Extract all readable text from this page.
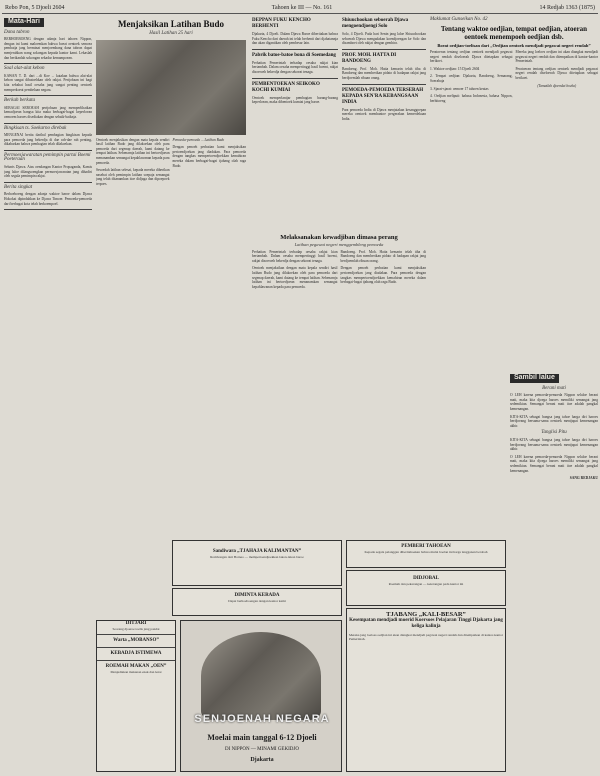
Rebo Pon, 5 Djoeli 2604	Tahoen ke III — No. 161	14 Redjab 1363 (1875)
Mata-Hari
Dana tabron

BERHOEBOENG dengan adanja hari tahoen Nippon, dengan ini kami maloemkan bahwa boeat oentoek semoea pembatja jang berminat menjoembang dana tabron dapat menjerahkan wang sokongan kepada kantor kami. Lekaslah dan berikanlah sokongan sekadar kemampoean.

Soal alat-alat kebon

KAWAN T. D. dari ...di Koe ... katakan bahwa alat-alat kebon sangat dibutoehkan oleh rakjat. Pertjobaan ini bagi kita sebahai hasil oesaha jang sangat penting oentoek memperkoeat pembelaan negara.

Berkah berkata

SEBAGAI SEBOEAH pertjobaan jang memperlihatkan kemadjoean bangsa kita maka berbagai-bagai keperloean oemoem haroes disediakan dengan sebaik-baiknja.

Bingkisan ts. Soekarno direbak

MENGENAI berita darihal pembagian bingkisan kepada para pemoeda jang bekerdja di dae rah-dae rah penting, dikabarkan bahwa pembagian telah dilakoekan.

Permoesjawaratan pemimpin partai Boemi Poeteraan

Sebaris Djawa. Atas oendangan Kantor Propaganda, Kamis jang laloe dilangsoengkan permoesjawaratan jang dihadiri oleh segala pemimpin rakjat.

Berita singkat

Berhoeboeng dengan adanja waktoe baroe dalam Djawa Hokokai dipindahkan ke Djawa Timoer. Pemoeda-pemoeda dari berbagai kota telah berkoempoel.

Menjaksikan Latihan Budo
Hasil Latihan 25 hari

Oentoek menjaksikan dengan mata kepala sendiri hasil latihan Budo jang dilakoekan oleh para pemoeda dari segenap daerah, kami datang ke tempat latihan. Sebenarnja latihan ini bertoedjoean menanamkan semangat kepahlawanan kepada para pemoeda.

Sesoedah latihan selesai, kepada mereka diberikan nasehat oleh pemimpin latihan soepaja semangat jang telah ditanamkan itoe didjaga dan dipoepoek terpoes.

Pemoeda-pemoeda ... Latihan Budo

Dengan penoeh perhatian kami menjaksikan pertoendjoekan jang diadakan. Para pemoeda dengan tangkas mempertoendjoekkan kemahiran mereka dalam berbagai-bagai tjabang olah raga Budo.

DEPPAN FUKU KENCHO BERHENTI

Djakarta, 4 Djoeli. Dalam Djawa Baroe diberitakan bahwa Fuku Kencho dari daerah ini telah berhenti dari djabatannja dan akan digantikan oleh pembesar lain.

Pabrik batoe-batoe bona di Soemedang

Perhatian Pemerintah terhadap oesaha rakjat kian bertambah. Dalam oesaha mempertinggi hasil boemi, rakjat disoeroeh bekerdja dengan sekoeat tenaga.

PEMBENTOEKAN SEIKOKO KOCHI KUMIAI

Oentoek memperlantjar pembagian barang-barang keperloean, maka dibentoek kumiai jang baroe.

Shiuuchookan seboerah Djawa mengoendjoengi Solo

Solo, 4 Djoeli. Pada hari Senin jang laloe Shiuuchookan seboerah Djawa mengadakan koendjoengan ke Solo dan disamboet oleh rakjat dengan gembira.

PROF. MOH. HATTA DI BANDOENG

Bandoeng. Prof. Moh. Hatta kemarin telah tiba di Bandoeng dan memberikan pidato di hadapan rakjat jang berdjoemlah ribuan orang.

PEMOEDA-PEMOEDA TERSERAH KEPADA SEN'RA KEBANGSAAN INDIA

Para pemoeda India di Djawa menjatakan kesanggoepan mereka oentoek membantoe pergerakan kemerdekaan India.

Melaksanakan kewadjiban dimasa perang
Latihan pegawai negeri menggembleng pemoeda

Perhatian Pemerintah terhadap oesaha rakjat kian bertambah. Dalam oesaha mempertinggi hasil boemi, rakjat disoeroeh bekerdja dengan sekoeat tenaga.

Bandoeng. Prof. Moh. Hatta kemarin telah tiba di Bandoeng dan memberikan pidato di hadapan rakjat jang berdjoemlah ribuan orang.

Oentoek menjaksikan dengan mata kepala sendiri hasil latihan Budo jang dilakoekan oleh para pemoeda dari segenap daerah, kami datang ke tempat latihan. Sebenarnja latihan ini bertoedjoean menanamkan semangat kepahlawanan kepada para pemoeda.

Dengan penoeh perhatian kami menjaksikan pertoendjoekan jang diadakan. Para pemoeda dengan tangkas mempertoendjoekkan kemahiran mereka dalam berbagai-bagai tjabang olah raga Budo.

Maklumat Gunseikan No. 42
Tentang waktoe oedjian, tempat oedjian, atoeran oentoek menempoeh oedjian dsb.
Boeat oedjian-toelisan dari „Oedjian oentoek mendjadi pegawai negeri rendah”

Peratoeran tentang oedjian oentoek mendjadi pegawai negeri rendah diseloerah Djawa ditetapkan sebagai berikoet.

1. Waktoe oedjian: 15 Djoeli 2604

2. Tempat oedjian: Djakarta, Bandoeng, Semarang, Soerabaja

3. Sjarat-sjarat: oemoer 17 tahoen keatas

4. Oedjian meliputi: bahasa Indonesia, bahasa Nippon, berhitoeng

Mereka jang loeloes oedjian ini akan diangkat mendjadi pegawai negeri rendah dan ditempatkan di kantor-kantor Pemerintah.

Peratoeran tentang oedjian oentoek mendjadi pegawai negeri rendah diseloerah Djawa ditetapkan sebagai berikoet.

(Tamatlah djoemlat boeka)

Sambil lalue
Berani mati

O LEH karena pemoeda-pemoeda Nippon selaloe berani mati, maka kita djoega haroes memiliki semangat jang sedemikian. Semangat berani mati itoe adalah pangkal kemenangan.

KITA-KITA sebagai bangsa jang tahoe harga diri haroes berdjoeang bersama-sama oentoek mentjapai kemenangan akhir.

Tanglisi Pitu

KITA-KITA sebagai bangsa jang tahoe harga diri haroes berdjoeang bersama-sama oentoek mentjapai kemenangan akhir.

O LEH karena pemoeda-pemoeda Nippon selaloe berani mati, maka kita djoega haroes memiliki semangat jang sedemikian. Semangat berani mati itoe adalah pangkal kemenangan.

SANG REDJAKU

Sandiwara „TJAHAJA KALIMANTAN”
Rombongan dari Borneo — mempertoendjoekkan lakon-lakon baroe
DIMINTA KERADA
Dapat berhoeboengan dengan kantor kami
DITJARI
Seorang djoeroe toelis jang pandai
Warta „MOBANSO”
KEBADJA ISTIMEWA
ROEMAH MAKAN „OEN”
Menjediakan makanan enak dan lezat
SENJOENAH NEGARA
Moelai main tanggal 6-12 Djoeli
DI NIPPON — MINAMI GEKIDJO
Djakarta
PEMBERI TAHOEAN
Kepada segala pelanggan diberitahoekan bahwa mulai boelan ini harga langganan berobah
DIDJOBAL
Roemah dan pekarangan — keterangan pada kantor ini
TJABANG „KALI-BESAR”
Kesempatan mendjadi moerid Koersoes Pelajaran Tinggi Djakarta jang keliga kalinja
Mereka jang loeloes oedjian ini akan diangkat mendjadi pegawai negeri rendah dan ditempatkan di kantor-kantor Pemerintah.
